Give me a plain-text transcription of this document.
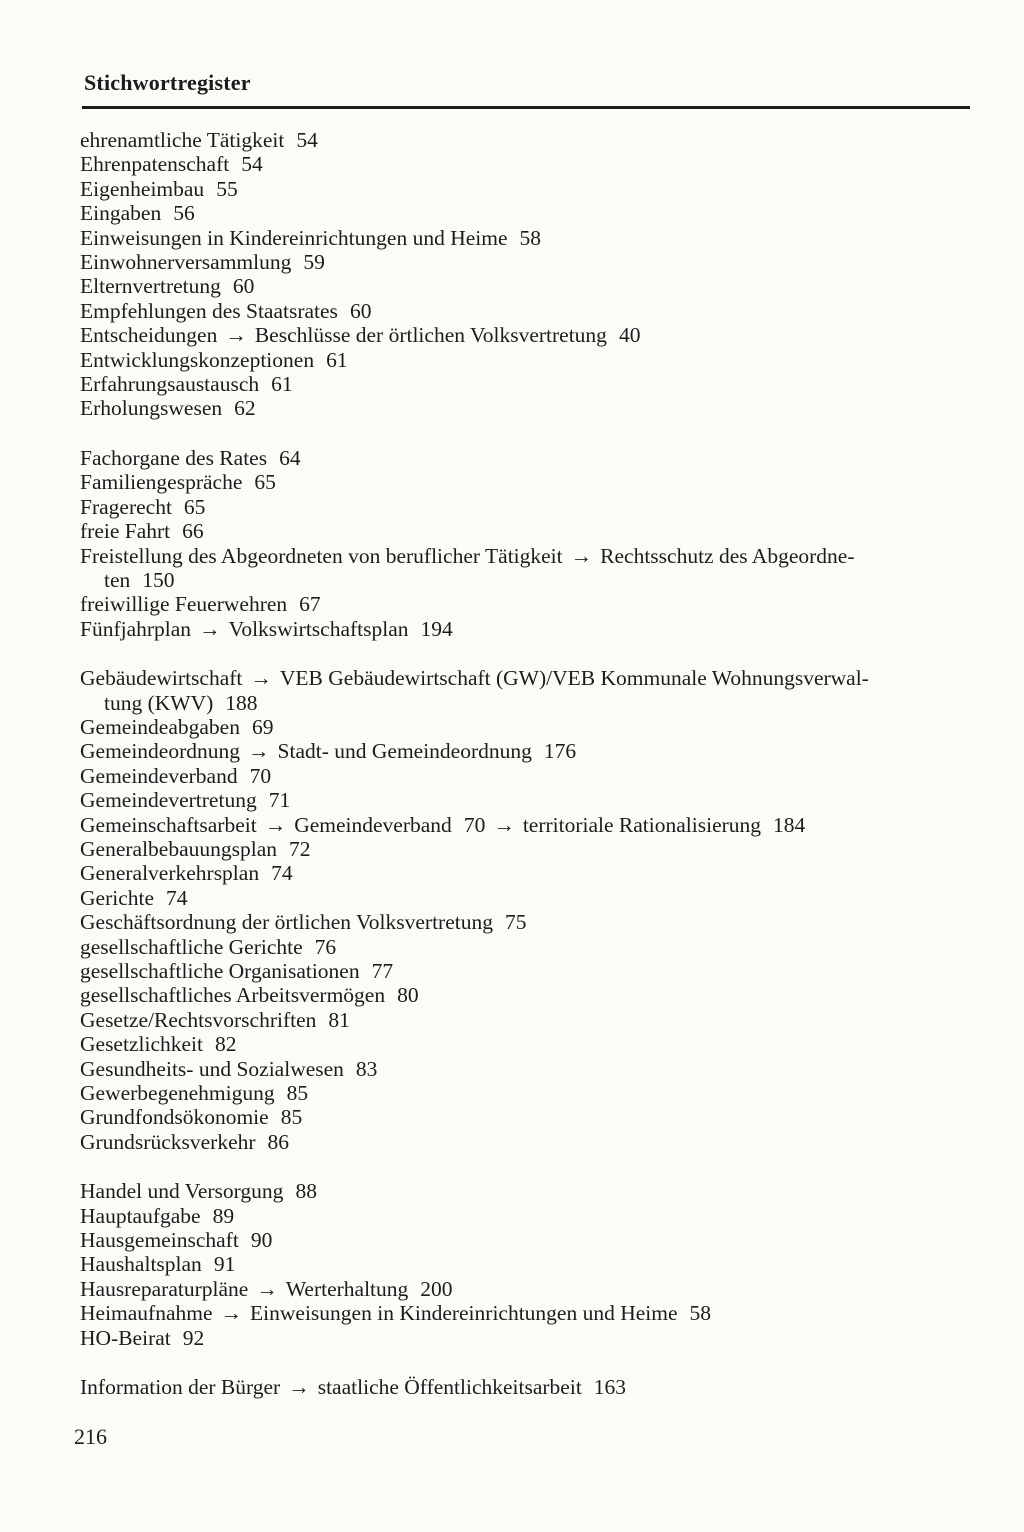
Stichwortregister
ehrenamtliche Tätigkeit 54
Ehrenpatenschaft 54
Eigenheimbau 55
Eingaben 56
Einweisungen in Kindereinrichtungen und Heime 58
Einwohnerversammlung 59
Elternvertretung 60
Empfehlungen des Staatsrates 60
Entscheidungen → Beschlüsse der örtlichen Volksvertretung 40
Entwicklungskonzeptionen 61
Erfahrungsaustausch 61
Erholungswesen 62
Fachorgane des Rates 64
Familiengespräche 65
Fragerecht 65
freie Fahrt 66
Freistellung des Abgeordneten von beruflicher Tätigkeit → Rechtsschutz des Abgeordne-
ten 150
freiwillige Feuerwehren 67
Fünfjahrplan → Volkswirtschaftsplan 194
Gebäudewirtschaft → VEB Gebäudewirtschaft (GW)/VEB Kommunale Wohnungsverwal-
tung (KWV) 188
Gemeindeabgaben 69
Gemeindeordnung → Stadt- und Gemeindeordnung 176
Gemeindeverband 70
Gemeindevertretung 71
Gemeinschaftsarbeit → Gemeindeverband 70 → territoriale Rationalisierung 184
Generalbebauungsplan 72
Generalverkehrsplan 74
Gerichte 74
Geschäftsordnung der örtlichen Volksvertretung 75
gesellschaftliche Gerichte 76
gesellschaftliche Organisationen 77
gesellschaftliches Arbeitsvermögen 80
Gesetze/Rechtsvorschriften 81
Gesetzlichkeit 82
Gesundheits- und Sozialwesen 83
Gewerbegenehmigung 85
Grundfondsökonomie 85
Grundsrücksverkehr 86
Handel und Versorgung 88
Hauptaufgabe 89
Hausgemeinschaft 90
Haushaltsplan 91
Hausreparaturpläne → Werterhaltung 200
Heimaufnahme → Einweisungen in Kindereinrichtungen und Heime 58
HO-Beirat 92
Information der Bürger → staatliche Öffentlichkeitsarbeit 163
216
